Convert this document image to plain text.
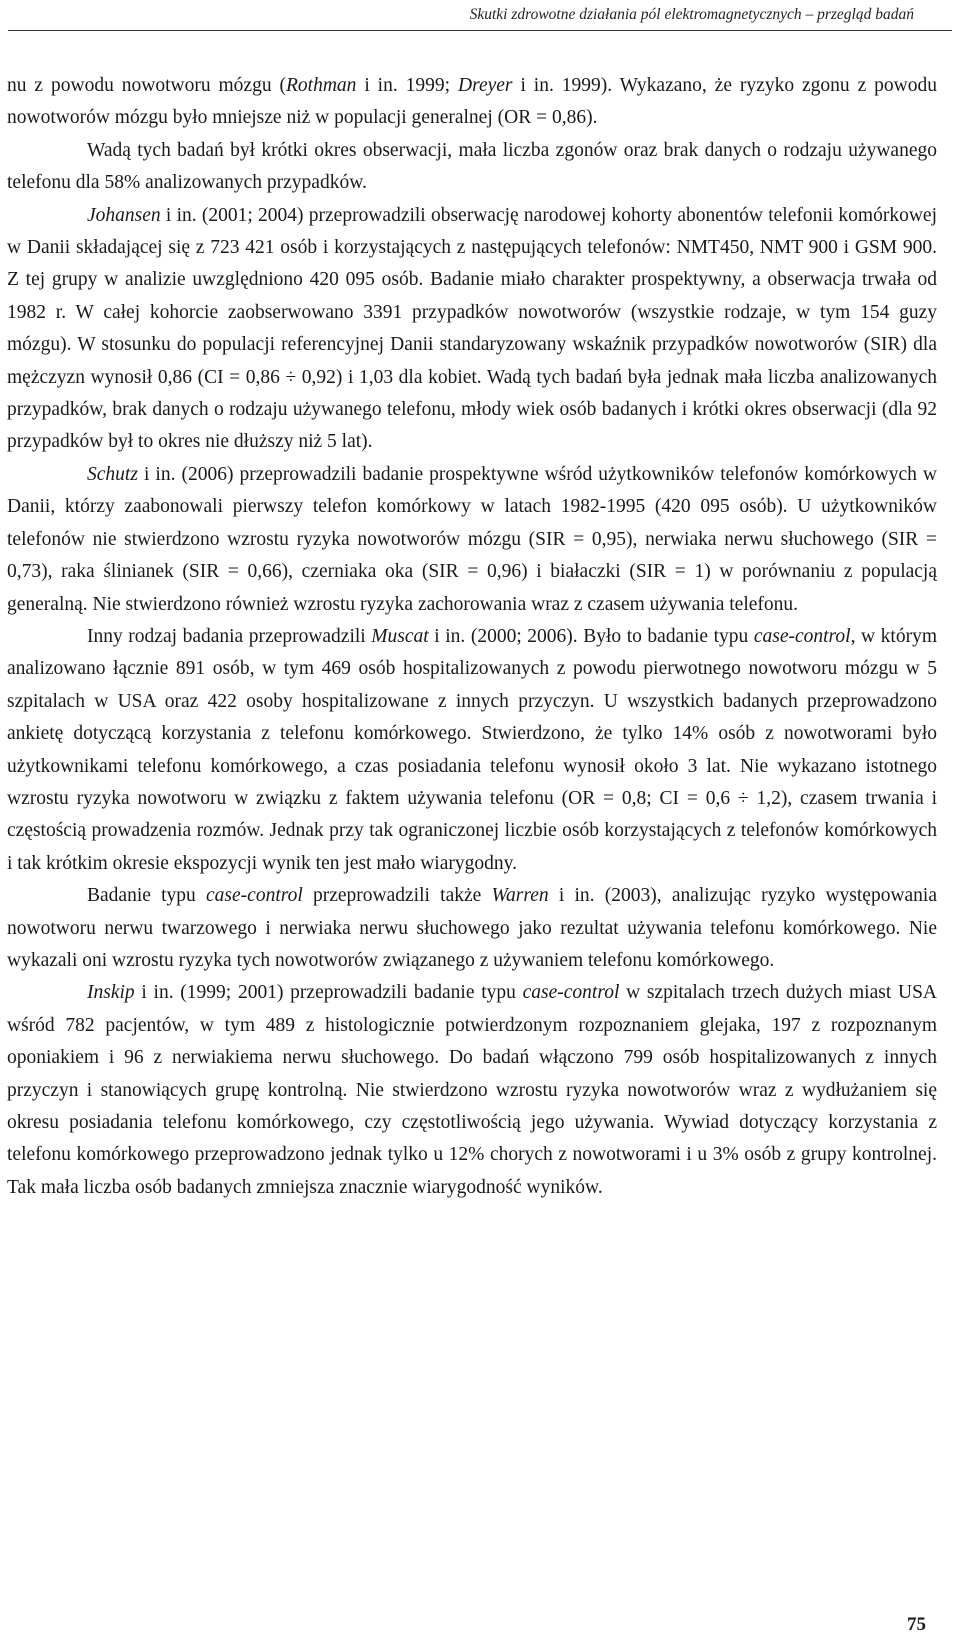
Skutki zdrowotne działania pól elektromagnetycznych – przegląd badań

nu z powodu nowotworu mózgu (Rothman i in. 1999; Dreyer i in. 1999). Wykazano, że ryzyko zgonu z powodu nowotworów mózgu było mniejsze niż w populacji generalnej (OR = 0,86).

Wadą tych badań był krótki okres obserwacji, mała liczba zgonów oraz brak danych o rodzaju używanego telefonu dla 58% analizowanych przypadków.

Johansen i in. (2001; 2004) przeprowadzili obserwację narodowej kohorty abonentów telefonii komórkowej w Danii składającej się z 723 421 osób i korzystających z następujących telefonów: NMT450, NMT 900 i GSM 900. Z tej grupy w analizie uwzględniono 420 095 osób. Badanie miało charakter prospektywny, a obserwacja trwała od 1982 r. W całej kohorcie zaobserwowano 3391 przypadków nowotworów (wszystkie rodzaje, w tym 154 guzy mózgu). W stosunku do populacji referencyjnej Danii standaryzowany wskaźnik przypadków nowotworów (SIR) dla mężczyzn wynosił 0,86 (CI = 0,86 ÷ 0,92) i 1,03 dla kobiet. Wadą tych badań była jednak mała liczba analizowanych przypadków, brak danych o rodzaju używanego telefonu, młody wiek osób badanych i krótki okres obserwacji (dla 92 przypadków był to okres nie dłuższy niż 5 lat).

Schutz i in. (2006) przeprowadzili badanie prospektywne wśród użytkowników telefonów komórkowych w Danii, którzy zaabonowali pierwszy telefon komórkowy w latach 1982-1995 (420 095 osób). U użytkowników telefonów nie stwierdzono wzrostu ryzyka nowotworów mózgu (SIR = 0,95), nerwiaka nerwu słuchowego (SIR = 0,73), raka ślinianek (SIR = 0,66), czerniaka oka (SIR = 0,96) i białaczki (SIR = 1) w porównaniu z populacją generalną. Nie stwierdzono również wzrostu ryzyka zachorowania wraz z czasem używania telefonu.

Inny rodzaj badania przeprowadzili Muscat i in. (2000; 2006). Było to badanie typu case-control, w którym analizowano łącznie 891 osób, w tym 469 osób hospitalizowanych z powodu pierwotnego nowotworu mózgu w 5 szpitalach w USA oraz 422 osoby hospitalizowane z innych przyczyn. U wszystkich badanych przeprowadzono ankietę dotyczącą korzystania z telefonu komórkowego. Stwierdzono, że tylko 14% osób z nowotworami było użytkownikami telefonu komórkowego, a czas posiadania telefonu wynosił około 3 lat. Nie wykazano istotnego wzrostu ryzyka nowotworu w związku z faktem używania telefonu (OR = 0,8; CI = 0,6 ÷ 1,2), czasem trwania i częstością prowadzenia rozmów. Jednak przy tak ograniczonej liczbie osób korzystających z telefonów komórkowych i tak krótkim okresie ekspozycji wynik ten jest mało wiarygodny.

Badanie typu case-control przeprowadzili także Warren i in. (2003), analizując ryzyko występowania nowotworu nerwu twarzowego i nerwiaka nerwu słuchowego jako rezultat używania telefonu komórkowego. Nie wykazali oni wzrostu ryzyka tych nowotworów związanego z używaniem telefonu komórkowego.

Inskip i in. (1999; 2001) przeprowadzili badanie typu case-control w szpitalach trzech dużych miast USA wśród 782 pacjentów, w tym 489 z histologicznie potwierdzonym rozpoznaniem glejaka, 197 z rozpoznanym oponiakiem i 96 z nerwiakiema nerwu słuchowego. Do badań włączono 799 osób hospitalizowanych z innych przyczyn i stanowiących grupę kontrolną. Nie stwierdzono wzrostu ryzyka nowotworów wraz z wydłużaniem się okresu posiadania telefonu komórkowego, czy częstotliwością jego używania. Wywiad dotyczący korzystania z telefonu komórkowego przeprowadzono jednak tylko u 12% chorych z nowotworami i u 3% osób z grupy kontrolnej. Tak mała liczba osób badanych zmniejsza znacznie wiarygodność wyników.

75
